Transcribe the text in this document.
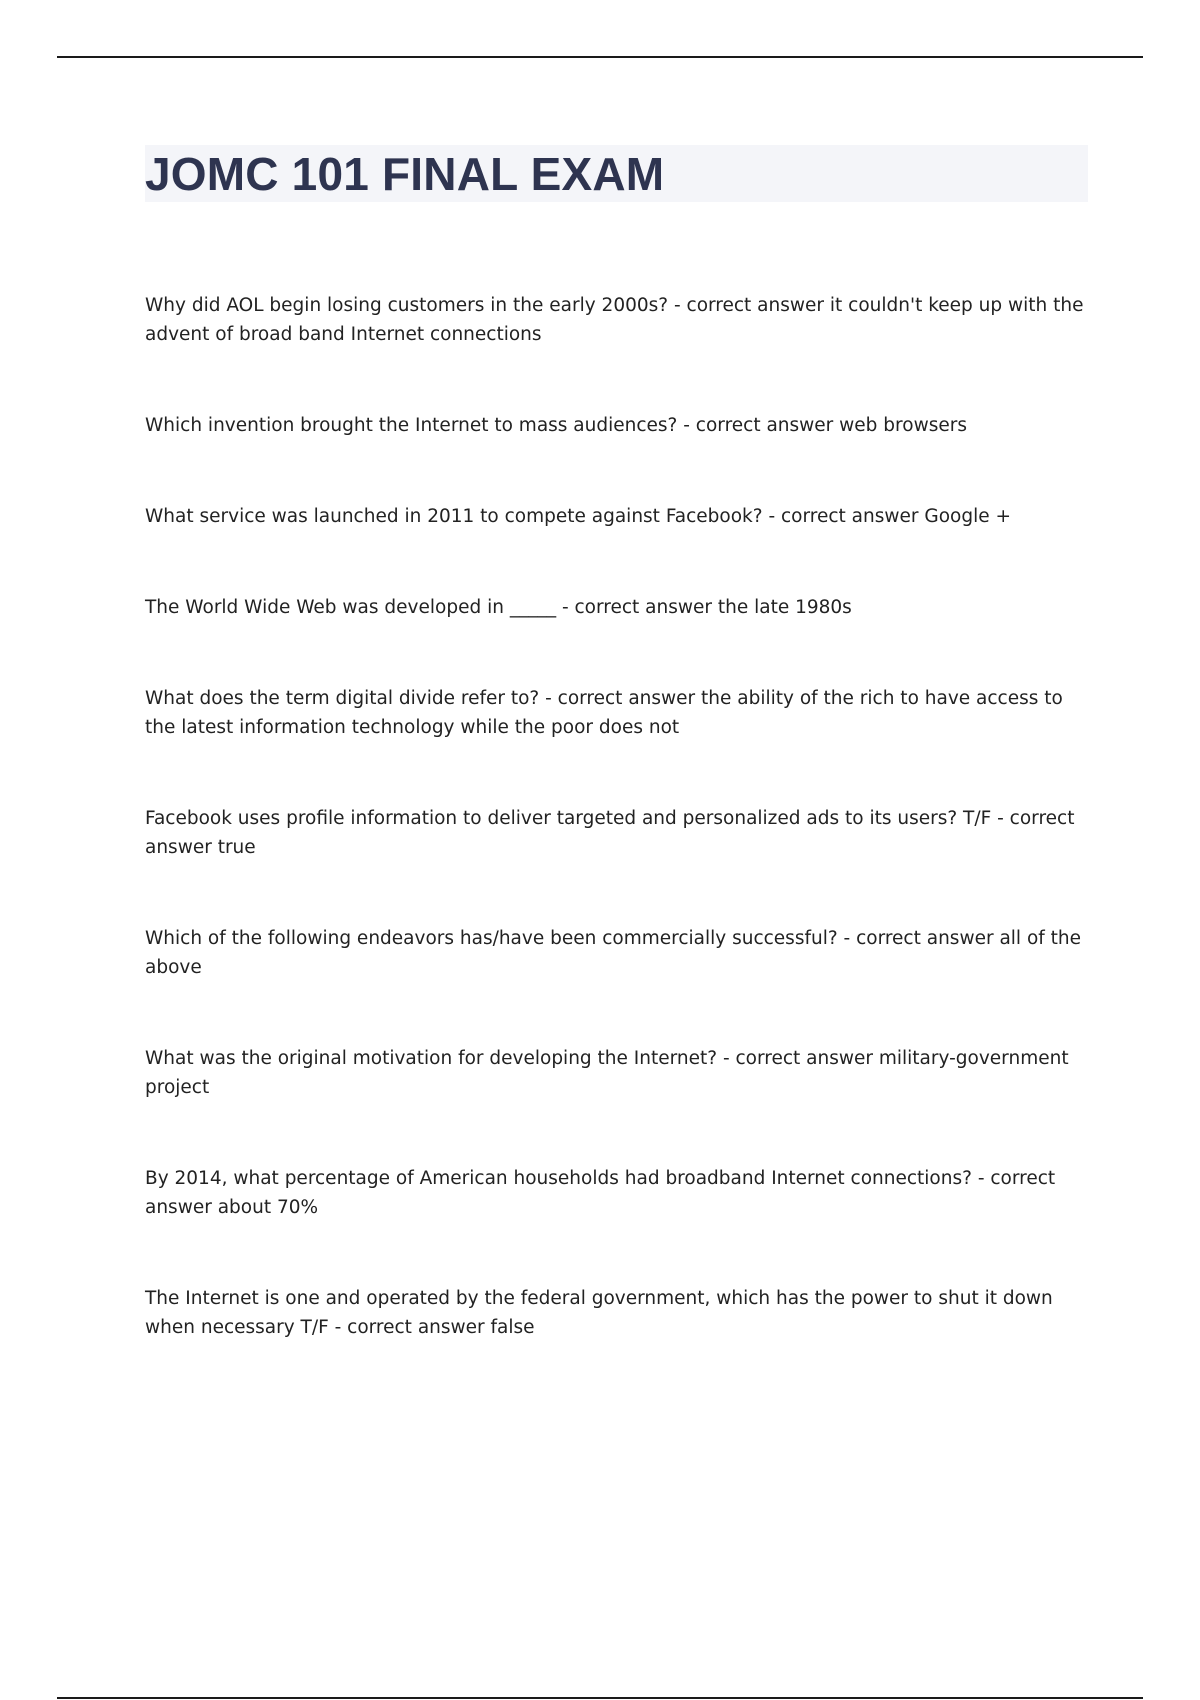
JOMC 101 FINAL EXAM

Why did AOL begin losing customers in the early 2000s? - correct answer it couldn't keep up with the advent of broad band Internet connections

Which invention brought the Internet to mass audiences? - correct answer web browsers

What service was launched in 2011 to compete against Facebook? - correct answer Google +

The World Wide Web was developed in _____ - correct answer the late 1980s

What does the term digital divide refer to? - correct answer the ability of the rich to have access to the latest information technology while the poor does not

Facebook uses profile information to deliver targeted and personalized ads to its users? T/F - correct answer true

Which of the following endeavors has/have been commercially successful? - correct answer all of the above

What was the original motivation for developing the Internet? - correct answer military-government project

By 2014, what percentage of American households had broadband Internet connections? - correct answer about 70%

The Internet is one and operated by the federal government, which has the power to shut it down when necessary T/F - correct answer false
